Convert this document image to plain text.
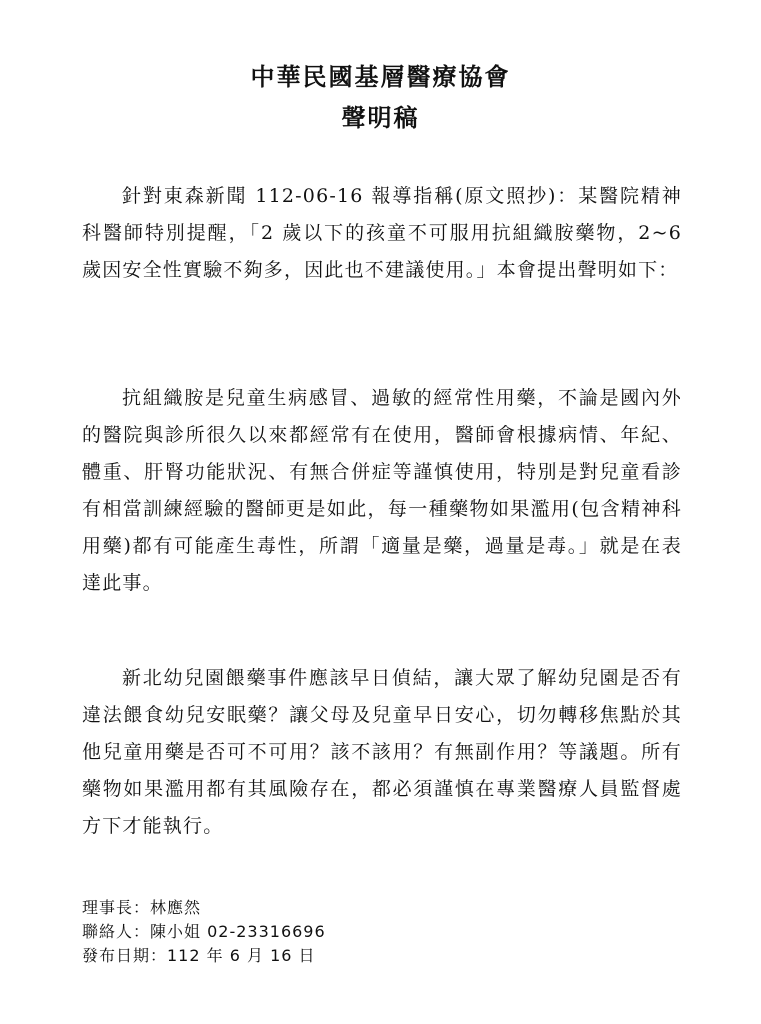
中華民國基層醫療協會
聲明稿

針對東森新聞 112-06-16 報導指稱(原文照抄)：某醫院精神科醫師特別提醒，「2 歲以下的孩童不可服用抗組織胺藥物，2~6 歲因安全性實驗不夠多，因此也不建議使用。」本會提出聲明如下：

抗組織胺是兒童生病感冒、過敏的經常性用藥，不論是國內外的醫院與診所很久以來都經常有在使用，醫師會根據病情、年紀、體重、肝腎功能狀況、有無合併症等謹慎使用，特別是對兒童看診有相當訓練經驗的醫師更是如此，每一種藥物如果濫用(包含精神科用藥)都有可能產生毒性，所謂「適量是藥，過量是毒。」就是在表達此事。

新北幼兒園餵藥事件應該早日偵結，讓大眾了解幼兒園是否有違法餵食幼兒安眠藥？讓父母及兒童早日安心，切勿轉移焦點於其他兒童用藥是否可不可用？該不該用？有無副作用？等議題。所有藥物如果濫用都有其風險存在，都必須謹慎在專業醫療人員監督處方下才能執行。

理事長：林應然
聯絡人：陳小姐 02-23316696
發布日期：112 年 6 月 16 日
